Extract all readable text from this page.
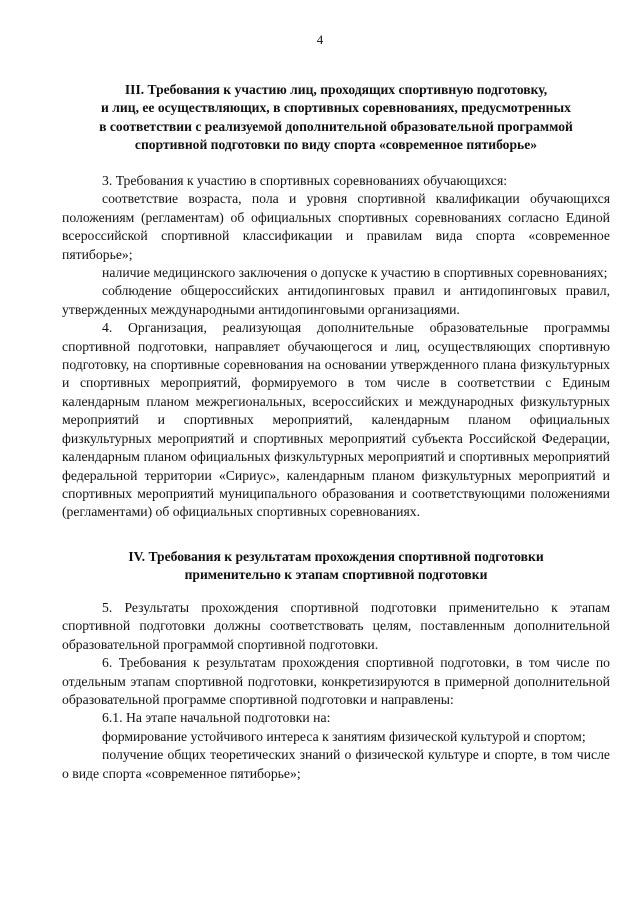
4
III. Требования к участию лиц, проходящих спортивную подготовку,
и лиц, ее осуществляющих, в спортивных соревнованиях, предусмотренных
в соответствии с реализуемой дополнительной образовательной программой
спортивной подготовки по виду спорта «современное пятиборье»

3. Требования к участию в спортивных соревнованиях обучающихся:

соответствие возраста, пола и уровня спортивной квалификации обучающихся положениям (регламентам) об официальных спортивных соревнованиях согласно Единой всероссийской спортивной классификации и правилам вида спорта «современное пятиборье»;

наличие медицинского заключения о допуске к участию в спортивных соревнованиях;

соблюдение общероссийских антидопинговых правил и антидопинговых правил, утвержденных международными антидопинговыми организациями.

4. Организация, реализующая дополнительные образовательные программы спортивной подготовки, направляет обучающегося и лиц, осуществляющих спортивную подготовку, на спортивные соревнования на основании утвержденного плана физкультурных и спортивных мероприятий, формируемого в том числе в соответствии с Единым календарным планом межрегиональных, всероссийских и международных физкультурных мероприятий и спортивных мероприятий, календарным планом официальных физкультурных мероприятий и спортивных мероприятий субъекта Российской Федерации, календарным планом официальных физкультурных мероприятий и спортивных мероприятий федеральной территории «Сириус», календарным планом физкультурных мероприятий и спортивных мероприятий муниципального образования и соответствующими положениями (регламентами) об официальных спортивных соревнованиях.

IV. Требования к результатам прохождения спортивной подготовки
применительно к этапам спортивной подготовки

5. Результаты прохождения спортивной подготовки применительно к этапам спортивной подготовки должны соответствовать целям, поставленным дополнительной образовательной программой спортивной подготовки.

6. Требования к результатам прохождения спортивной подготовки, в том числе по отдельным этапам спортивной подготовки, конкретизируются в примерной дополнительной образовательной программе спортивной подготовки и направлены:

6.1. На этапе начальной подготовки на:

формирование устойчивого интереса к занятиям физической культурой и спортом;

получение общих теоретических знаний о физической культуре и спорте, в том числе о виде спорта «современное пятиборье»;
